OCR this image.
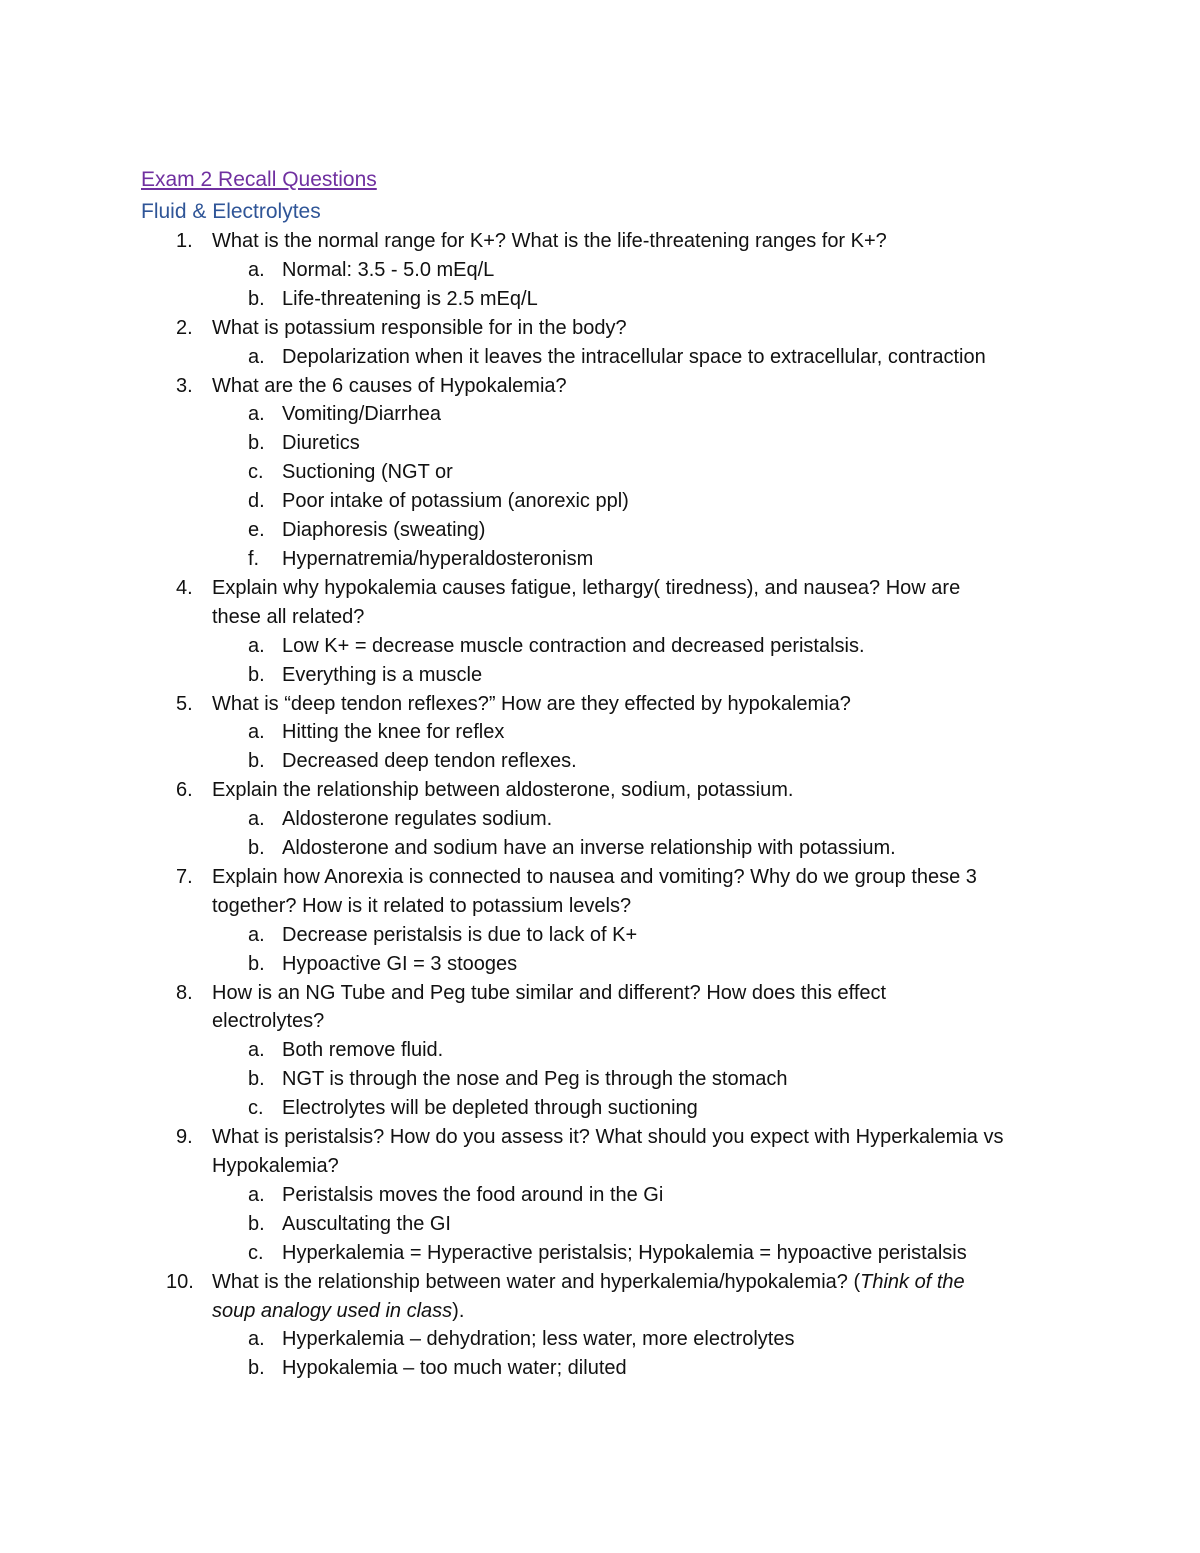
Exam 2 Recall Questions
Fluid & Electrolytes
1. What is the normal range for K+? What is the life-threatening ranges for K+?
a. Normal: 3.5 - 5.0 mEq/L
b. Life-threatening is 2.5 mEq/L
2. What is potassium responsible for in the body?
a. Depolarization when it leaves the intracellular space to extracellular, contraction
3. What are the 6 causes of Hypokalemia?
a. Vomiting/Diarrhea
b. Diuretics
c. Suctioning (NGT or
d. Poor intake of potassium (anorexic ppl)
e. Diaphoresis (sweating)
f. Hypernatremia/hyperaldosteronism
4. Explain why hypokalemia causes fatigue, lethargy( tiredness), and nausea? How are
these all related?
a. Low K+ = decrease muscle contraction and decreased peristalsis.
b. Everything is a muscle
5. What is “deep tendon reflexes?” How are they effected by hypokalemia?
a. Hitting the knee for reflex
b. Decreased deep tendon reflexes.
6. Explain the relationship between aldosterone, sodium, potassium.
a. Aldosterone regulates sodium.
b. Aldosterone and sodium have an inverse relationship with potassium.
7. Explain how Anorexia is connected to nausea and vomiting? Why do we group these 3
together? How is it related to potassium levels?
a. Decrease peristalsis is due to lack of K+
b. Hypoactive GI = 3 stooges
8. How is an NG Tube and Peg tube similar and different? How does this effect
electrolytes?
a. Both remove fluid.
b. NGT is through the nose and Peg is through the stomach
c. Electrolytes will be depleted through suctioning
9. What is peristalsis? How do you assess it? What should you expect with Hyperkalemia vs
Hypokalemia?
a. Peristalsis moves the food around in the Gi
b. Auscultating the GI
c. Hyperkalemia = Hyperactive peristalsis; Hypokalemia = hypoactive peristalsis
10. What is the relationship between water and hyperkalemia/hypokalemia? (Think of the
soup analogy used in class).
a. Hyperkalemia – dehydration; less water, more electrolytes
b. Hypokalemia – too much water; diluted
